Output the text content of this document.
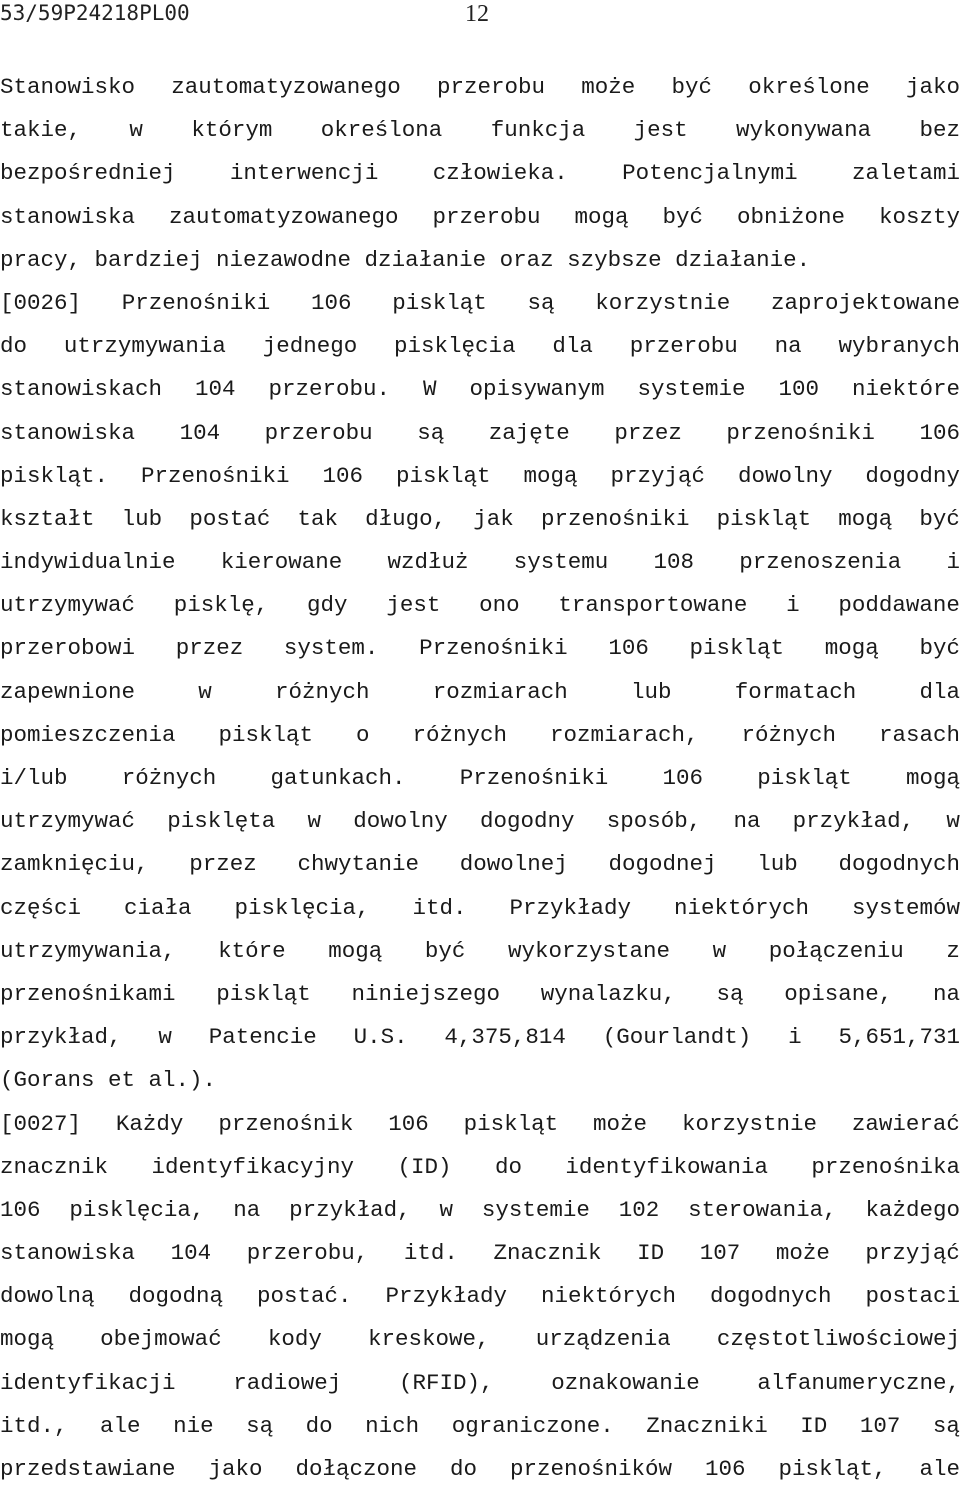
53/59P24218PL00	12
Stanowisko zautomatyzowanego przerobu może być określone jako
takie, w którym określona funkcja jest wykonywana bez
bezpośredniej interwencji człowieka. Potencjalnymi zaletami
stanowiska zautomatyzowanego przerobu mogą być obniżone koszty
pracy, bardziej niezawodne działanie oraz szybsze działanie.
[0026] Przenośniki 106 piskląt są korzystnie zaprojektowane
do utrzymywania jednego pisklęcia dla przerobu na wybranych
stanowiskach 104 przerobu. W opisywanym systemie 100 niektóre
stanowiska 104 przerobu są zajęte przez przenośniki 106
piskląt. Przenośniki 106 piskląt mogą przyjąć dowolny dogodny
kształt lub postać tak długo, jak przenośniki piskląt mogą być
indywidualnie kierowane wzdłuż systemu 108 przenoszenia i
utrzymywać pisklę, gdy jest ono transportowane i poddawane
przerobowi przez system. Przenośniki 106 piskląt mogą być
zapewnione	w	różnych	rozmiarach	lub	formatach	dla
pomieszczenia piskląt o różnych rozmiarach, różnych rasach
i/lub różnych gatunkach. Przenośniki 106 piskląt mogą
utrzymywać pisklęta w dowolny dogodny sposób, na przykład, w
zamknięciu, przez chwytanie dowolnej dogodnej lub dogodnych
części ciała pisklęcia, itd. Przykłady niektórych systemów
utrzymywania, które mogą być wykorzystane w połączeniu z
przenośnikami piskląt niniejszego wynalazku, są opisane, na
przykład, w Patencie U.S. 4,375,814 (Gourlandt) i 5,651,731
(Gorans et al.).
[0027] Każdy przenośnik 106 piskląt może korzystnie zawierać
znacznik identyfikacyjny (ID) do identyfikowania przenośnika
106 pisklęcia, na przykład, w systemie 102 sterowania, każdego
stanowiska 104 przerobu, itd. Znacznik ID 107 może przyjąć
dowolną dogodną postać. Przykłady niektórych dogodnych postaci
mogą obejmować kody kreskowe, urządzenia częstotliwościowej
identyfikacji	radiowej	(RFID),	oznakowanie	alfanumeryczne,
itd., ale nie są do nich ograniczone. Znaczniki ID 107 są
przedstawiane jako dołączone do przenośników 106 piskląt, ale
